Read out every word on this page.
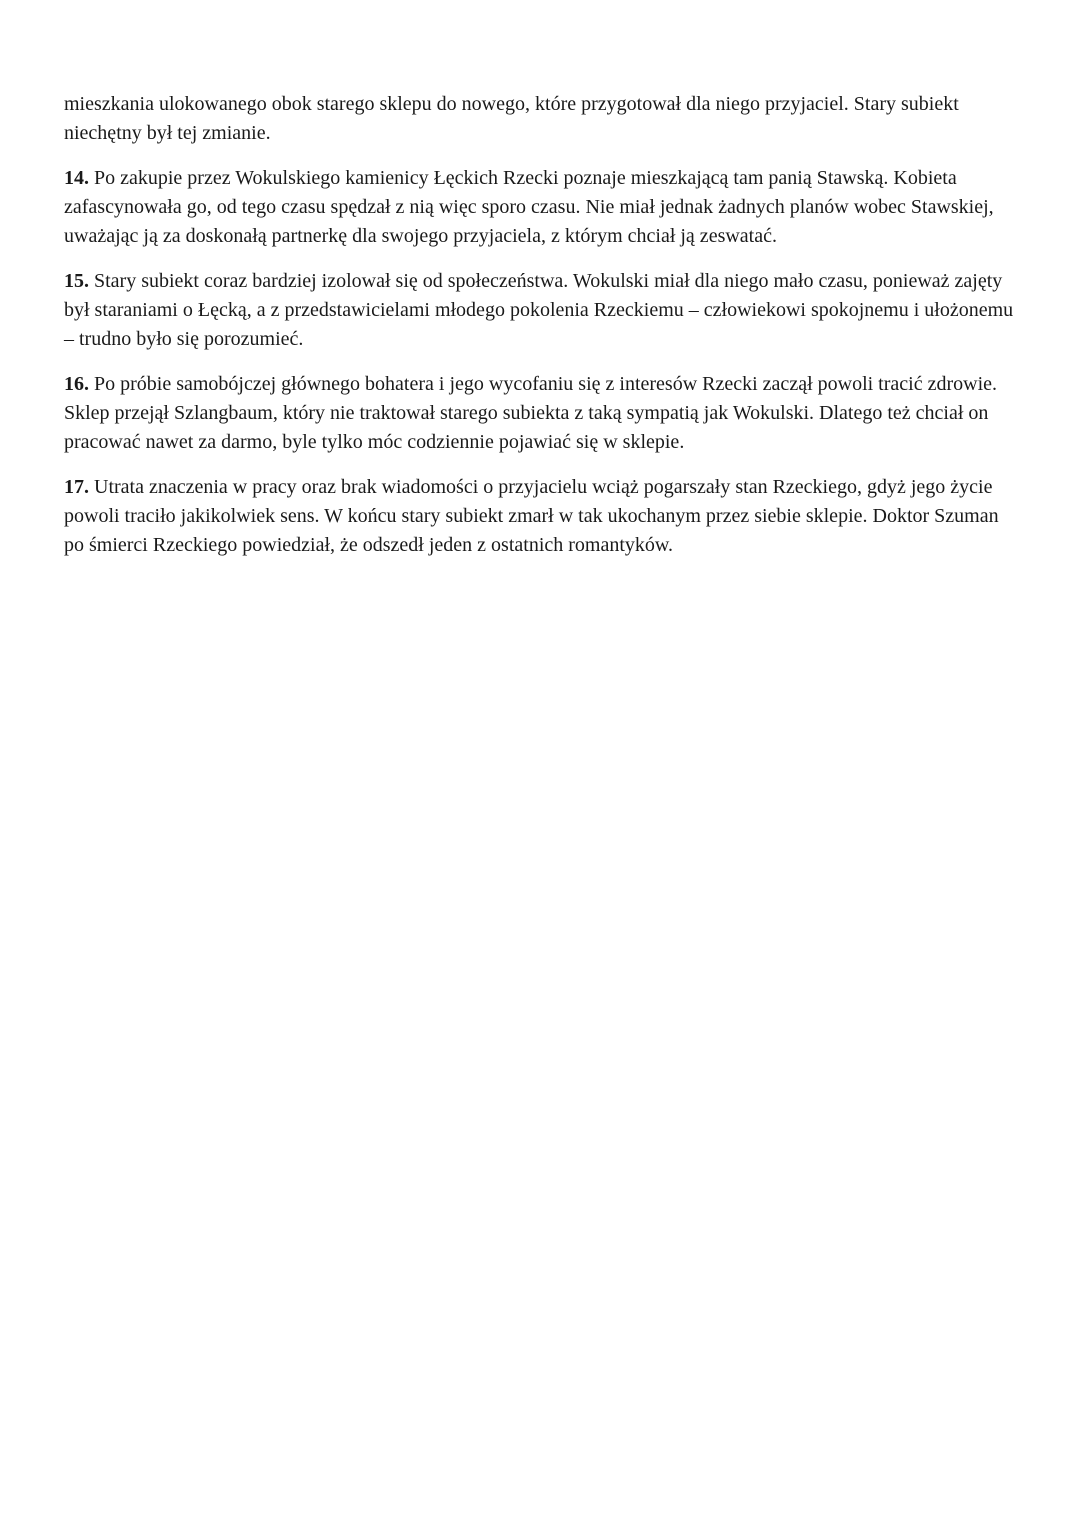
mieszkania ulokowanego obok starego sklepu do nowego, które przygotował dla niego przyjaciel. Stary subiekt niechętny był tej zmianie.

14. Po zakupie przez Wokulskiego kamienicy Łęckich Rzecki poznaje mieszkającą tam panią Stawską. Kobieta zafascynowała go, od tego czasu spędzał z nią więc sporo czasu. Nie miał jednak żadnych planów wobec Stawskiej, uważając ją za doskonałą partnerkę dla swojego przyjaciela, z którym chciał ją zeswatać.

15. Stary subiekt coraz bardziej izolował się od społeczeństwa. Wokulski miał dla niego mało czasu, ponieważ zajęty był staraniami o Łęcką, a z przedstawicielami młodego pokolenia Rzeckiemu – człowiekowi spokojnemu i ułożonemu – trudno było się porozumieć.

16. Po próbie samobójczej głównego bohatera i jego wycofaniu się z interesów Rzecki zaczął powoli tracić zdrowie. Sklep przejął Szlangbaum, który nie traktował starego subiekta z taką sympatią jak Wokulski. Dlatego też chciał on pracować nawet za darmo, byle tylko móc codziennie pojawiać się w sklepie.

17. Utrata znaczenia w pracy oraz brak wiadomości o przyjacielu wciąż pogarszały stan Rzeckiego, gdyż jego życie powoli traciło jakikolwiek sens. W końcu stary subiekt zmarł w tak ukochanym przez siebie sklepie. Doktor Szuman po śmierci Rzeckiego powiedział, że odszedł jeden z ostatnich romantyków.
